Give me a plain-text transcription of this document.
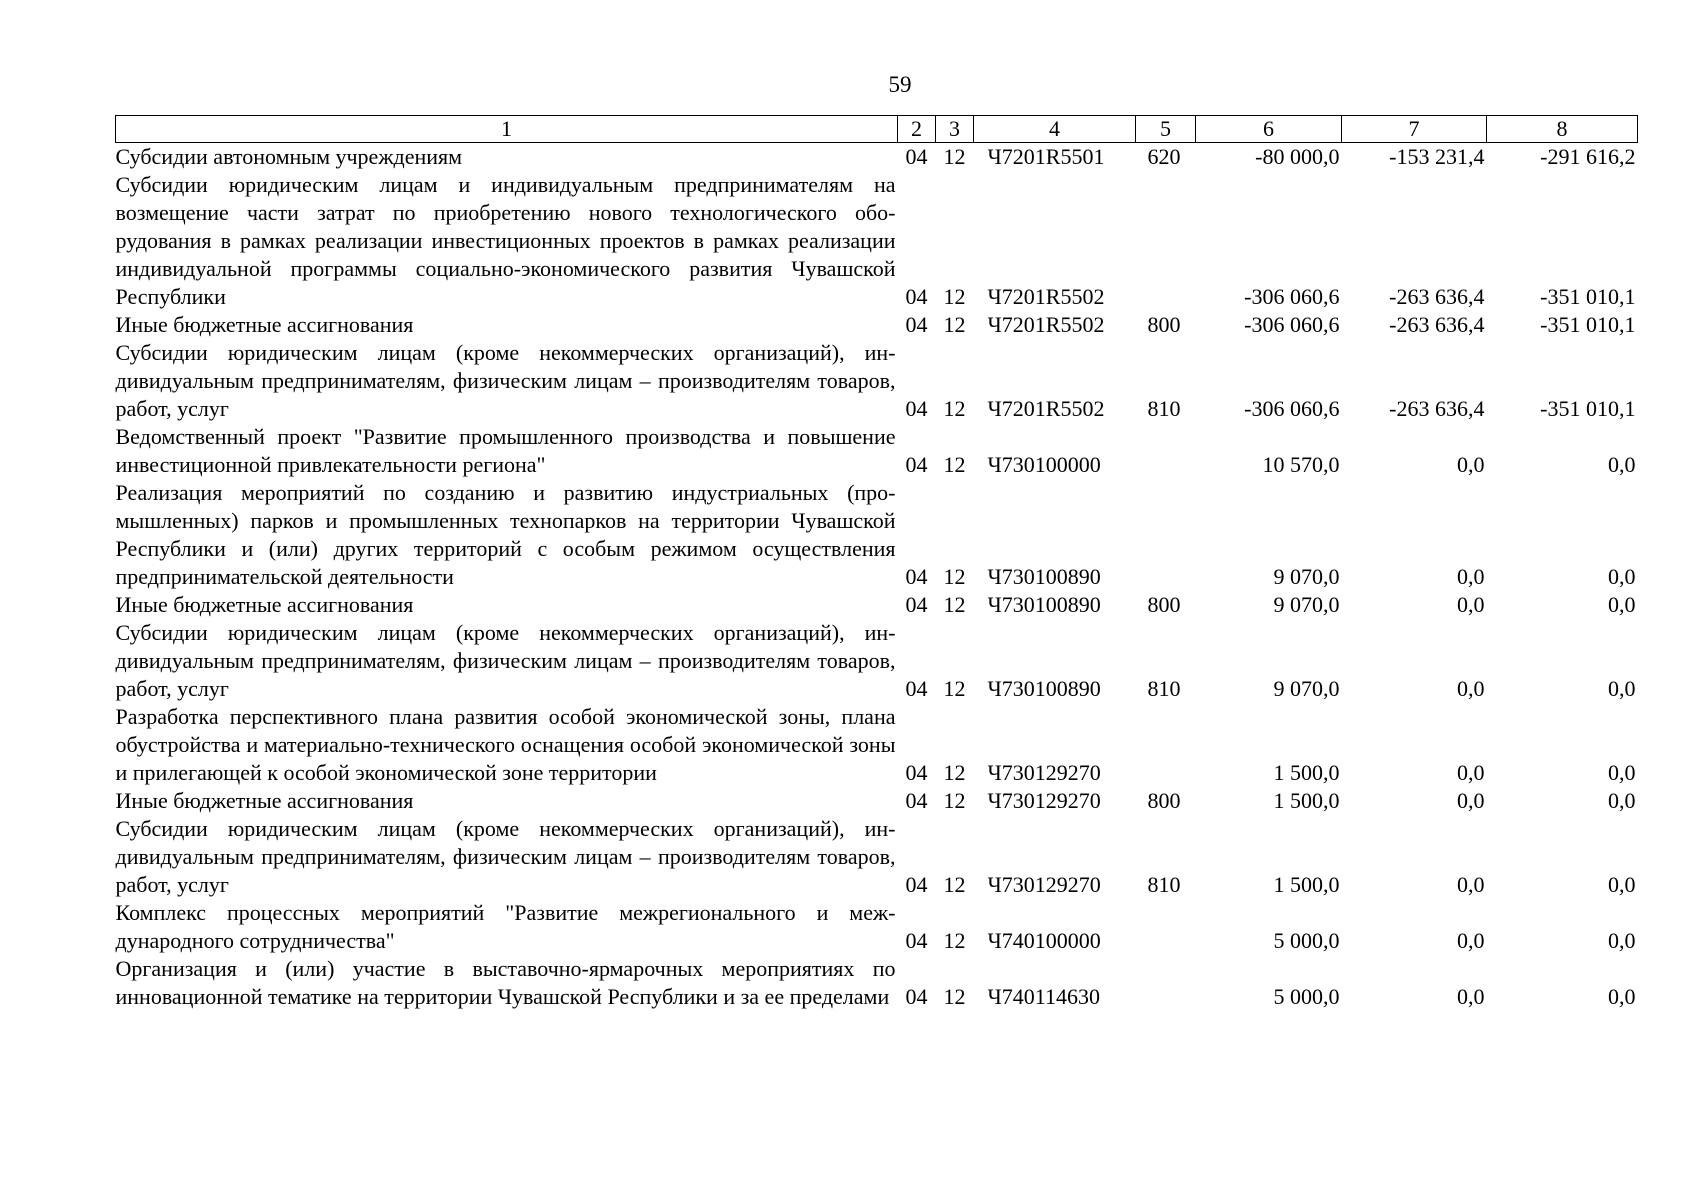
59
1	2	3	4	5	6	7	8
Субсидии автономным учреждениям	04	12	Ч7201R5501	620	-80 000,0	-153 231,4	-291 616,2
Субсидии юридическим лицам и индивидуальным предпринимателям на возмещение части затрат по приобретению нового технологического оборудования в рамках реализации инвестиционных проектов в рамках реализации индивидуальной программы социально-экономического развития Чувашской Республики	04	12	Ч7201R5502		-306 060,6	-263 636,4	-351 010,1
Иные бюджетные ассигнования	04	12	Ч7201R5502	800	-306 060,6	-263 636,4	-351 010,1
Субсидии юридическим лицам (кроме некоммерческих организаций), индивидуальным предпринимателям, физическим лицам – производителям товаров, работ, услуг	04	12	Ч7201R5502	810	-306 060,6	-263 636,4	-351 010,1
Ведомственный проект "Развитие промышленного производства и повышение инвестиционной привлекательности региона"	04	12	Ч730100000		10 570,0	0,0	0,0
Реализация мероприятий по созданию и развитию индустриальных (промышленных) парков и промышленных технопарков на территории Чувашской Республики и (или) других территорий с особым режимом осуществления предпринимательской деятельности	04	12	Ч730100890		9 070,0	0,0	0,0
Иные бюджетные ассигнования	04	12	Ч730100890	800	9 070,0	0,0	0,0
Субсидии юридическим лицам (кроме некоммерческих организаций), индивидуальным предпринимателям, физическим лицам – производителям товаров, работ, услуг	04	12	Ч730100890	810	9 070,0	0,0	0,0
Разработка перспективного плана развития особой экономической зоны, плана обустройства и материально-технического оснащения особой экономической зоны и прилегающей к особой экономической зоне территории	04	12	Ч730129270		1 500,0	0,0	0,0
Иные бюджетные ассигнования	04	12	Ч730129270	800	1 500,0	0,0	0,0
Субсидии юридическим лицам (кроме некоммерческих организаций), индивидуальным предпринимателям, физическим лицам – производителям товаров, работ, услуг	04	12	Ч730129270	810	1 500,0	0,0	0,0
Комплекс процессных мероприятий "Развитие межрегионального и международного сотрудничества"	04	12	Ч740100000		5 000,0	0,0	0,0
Организация и (или) участие в выставочно-ярмарочных мероприятиях по инновационной тематике на территории Чувашской Республики и за ее пределами	04	12	Ч740114630		5 000,0	0,0	0,0
